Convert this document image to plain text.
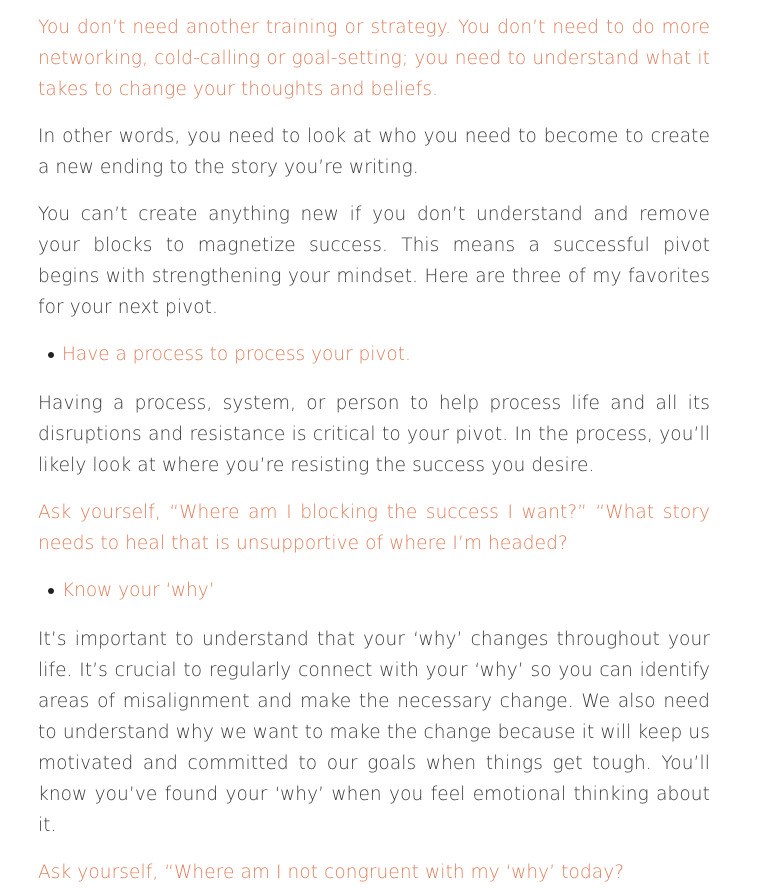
You don’t need another training or strategy. You don’t need to do more networking, cold-calling or goal-setting; you need to understand what it takes to change your thoughts and beliefs.

In other words, you need to look at who you need to become to create a new ending to the story you’re writing.

You can’t create anything new if you don’t understand and remove your blocks to magnetize success. This means a successful pivot begins with strengthening your mindset. Here are three of my favorites for your next pivot.

Have a process to process your pivot.

Having a process, system, or person to help process life and all its disruptions and resistance is critical to your pivot. In the process, you’ll likely look at where you’re resisting the success you desire.

Ask yourself, “Where am I blocking the success I want?” “What story needs to heal that is unsupportive of where I’m headed?

Know your ‘why’

It’s important to understand that your ‘why’ changes throughout your life. It’s crucial to regularly connect with your ‘why’ so you can identify areas of misalignment and make the necessary change. We also need to understand why we want to make the change because it will keep us motivated and committed to our goals when things get tough. You’ll know you’ve found your ‘why’ when you feel emotional thinking about it.

Ask yourself, “Where am I not congruent with my ‘why’ today?
